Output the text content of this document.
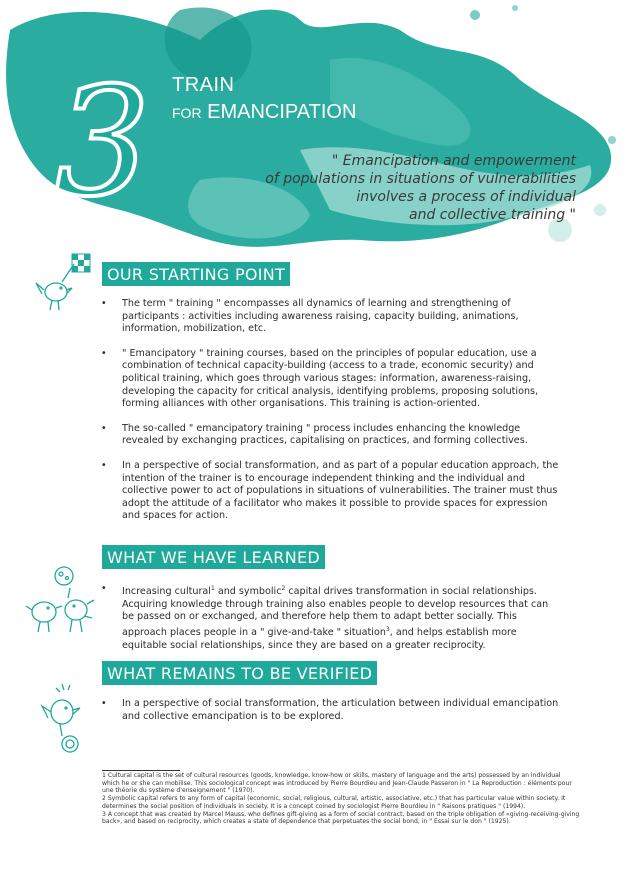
3 TRAIN
FOR EMANCIPATION
" Emancipation and empowerment
of populations in situations of vulnerabilities
involves a process of individual
and collective training "
OUR STARTING POINT
• The term " training " encompasses all dynamics of learning and strengthening of participants : activities including awareness raising, capacity building, animations, information, mobilization, etc.
• " Emancipatory " training courses, based on the principles of popular education, use a combination of technical capacity-building (access to a trade, economic security) and political training, which goes through various stages: information, awareness-raising, developing the capacity for critical analysis, identifying problems, proposing solutions, forming alliances with other organisations. This training is action-oriented.
• The so-called " emancipatory training " process includes enhancing the knowledge revealed by exchanging practices, capitalising on practices, and forming collectives.
• In a perspective of social transformation, and as part of a popular education approach, the intention of the trainer is to encourage independent thinking and the individual and collective power to act of populations in situations of vulnerabilities. The trainer must thus adopt the attitude of a facilitator who makes it possible to provide spaces for expression and spaces for action.
WHAT WE HAVE LEARNED
• Increasing cultural$^1$ and symbolic$^2$ capital drives transformation in social relationships. Acquiring knowledge through training also enables people to develop resources that can be passed on or exchanged, and therefore help them to adapt better socially. This approach places people in a " give-and-take " situation$^3$, and helps establish more equitable social relationships, since they are based on a greater reciprocity.
WHAT REMAINS TO BE VERIFIED
• In a perspective of social transformation, the articulation between individual emancipation and collective emancipation is to be explored.

1 Cultural capital is the set of cultural resources (goods, knowledge, know-how or skills, mastery of language and the arts) possessed by an individual which he or she can mobilise. This sociological concept was introduced by Pierre Bourdieu and Jean-Claude Passeron in " La Reproduction : éléments pour une théorie du système d'enseignement " (1970).

2 Symbolic capital refers to any form of capital (economic, social, religious, cultural, artistic, associative, etc.) that has particular value within society. It determines the social position of individuals in society. It is a concept coined by sociologist Pierre Bourdieu in " Raisons pratiques " (1994).

3 A concept that was created by Marcel Mauss, who defines gift-giving as a form of social contract, based on the triple obligation of «giving-receiving-giving back», and based on reciprocity, which creates a state of dependence that perpetuates the social bond, in " Essai sur le don " (1925).
